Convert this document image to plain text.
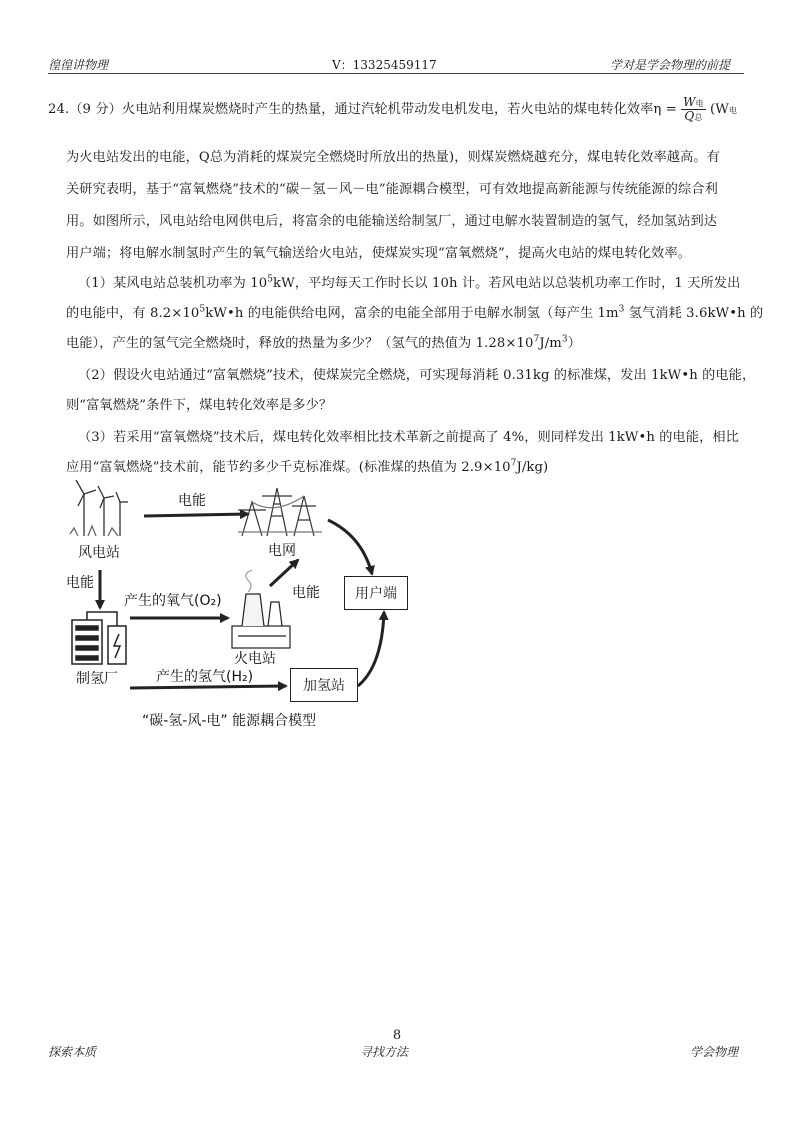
徨徨讲物理	V：13325459117	学对是学会物理的前提
24.（9 分）火电站利用煤炭燃烧时产生的热量，通过汽轮机带动发电机发电，若火电站的煤电转化效率$\eta = \frac{\text{W电}}{\text{Q总}} (W$电
为火电站发出的电能，Q总为消耗的煤炭完全燃烧时所放出的热量)，则煤炭燃烧越充分，煤电转化效率越高。有
关研究表明，基于“富氧燃烧”技术的“碳－氢－风－电”能源耦合模型，可有效地提高新能源与传统能源的综合利
用。如图所示，风电站给电网供电后，将富余的电能输送给制氢厂，通过电解水装置制造的氢气，经加氢站到达
用户端；将电解水制氢时产生的氧气输送给火电站，使煤炭实现“富氧燃烧”，提高火电站的煤电转化效率。
（1）某风电站总装机功率为 $10^5kW$，平均每天工作时长以 10h 计。若风电站以总装机功率工作时，1 天所发出
的电能中，有 $8.2\times 10^5kW•h$ 的电能供给电网，富余的电能全部用于电解水制氢（每产生 $1m^3$ 氢气消耗 3.6kW•h 的
电能），产生的氢气完全燃烧时，释放的热量为多少？（氢气的热值为 $1.28\times 10^7J/m^3$）
（2）假设火电站通过“富氧燃烧”技术，使煤炭完全燃烧，可实现每消耗 0.31kg 的标准煤，发出 1kW•h 的电能，
则“富氧燃烧”条件下，煤电转化效率是多少？
（3）若采用“富氧燃烧”技术后，煤电转化效率相比技术革新之前提高了 4%，则同样发出 1kW•h 的电能，相比
应用“富氧燃烧”技术前，能节约多少千克标准煤。(标准煤的热值为 $2.9\times 10^7J/kg$)
风电站	电网
电能
电能
产生的氧气(O₂)	电能
火电站
制氢厂	产生的氢气(H₂)
用户端
加氢站
“碳-氢-风-电” 能源耦合模型
8
探索本质	寻找方法	学会物理
